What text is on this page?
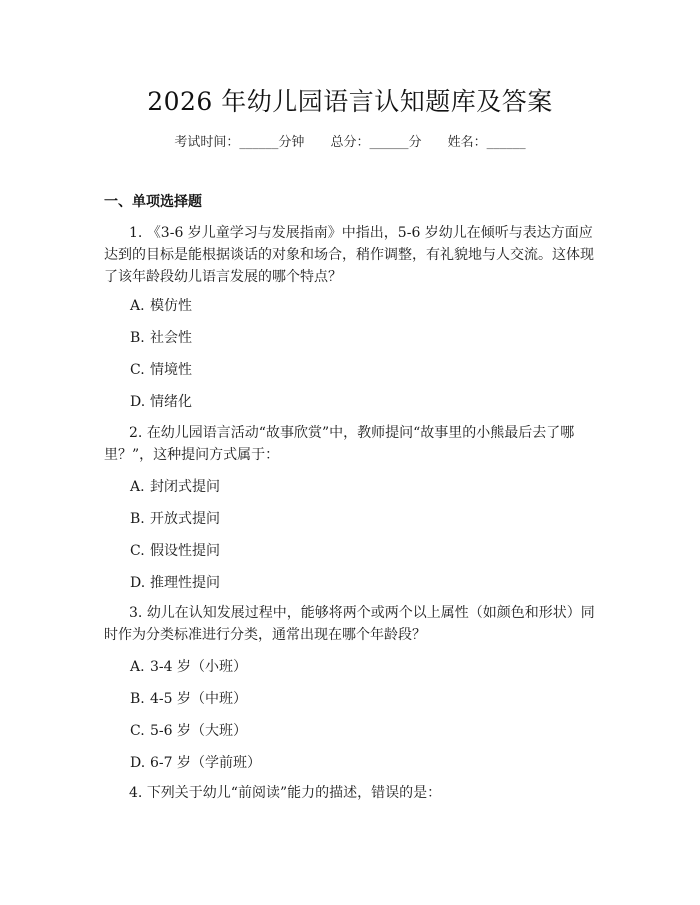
2026 年幼儿园语言认知题库及答案
考试时间：______分钟 总分：______分 姓名：______
一、单项选择题
1. 《3-6 岁儿童学习与发展指南》中指出，5-6 岁幼儿在倾听与表达方面应达到的目标是能根据谈话的对象和场合，稍作调整，有礼貌地与人交流。这体现了该年龄段幼儿语言发展的哪个特点？
A. 模仿性
B. 社会性
C. 情境性
D. 情绪化
2. 在幼儿园语言活动“故事欣赏”中，教师提问“故事里的小熊最后去了哪里？”，这种提问方式属于：
A. 封闭式提问
B. 开放式提问
C. 假设性提问
D. 推理性提问
3. 幼儿在认知发展过程中，能够将两个或两个以上属性（如颜色和形状）同时作为分类标准进行分类，通常出现在哪个年龄段？
A. 3-4 岁（小班）
B. 4-5 岁（中班）
C. 5-6 岁（大班）
D. 6-7 岁（学前班）
4. 下列关于幼儿“前阅读”能力的描述，错误的是：
